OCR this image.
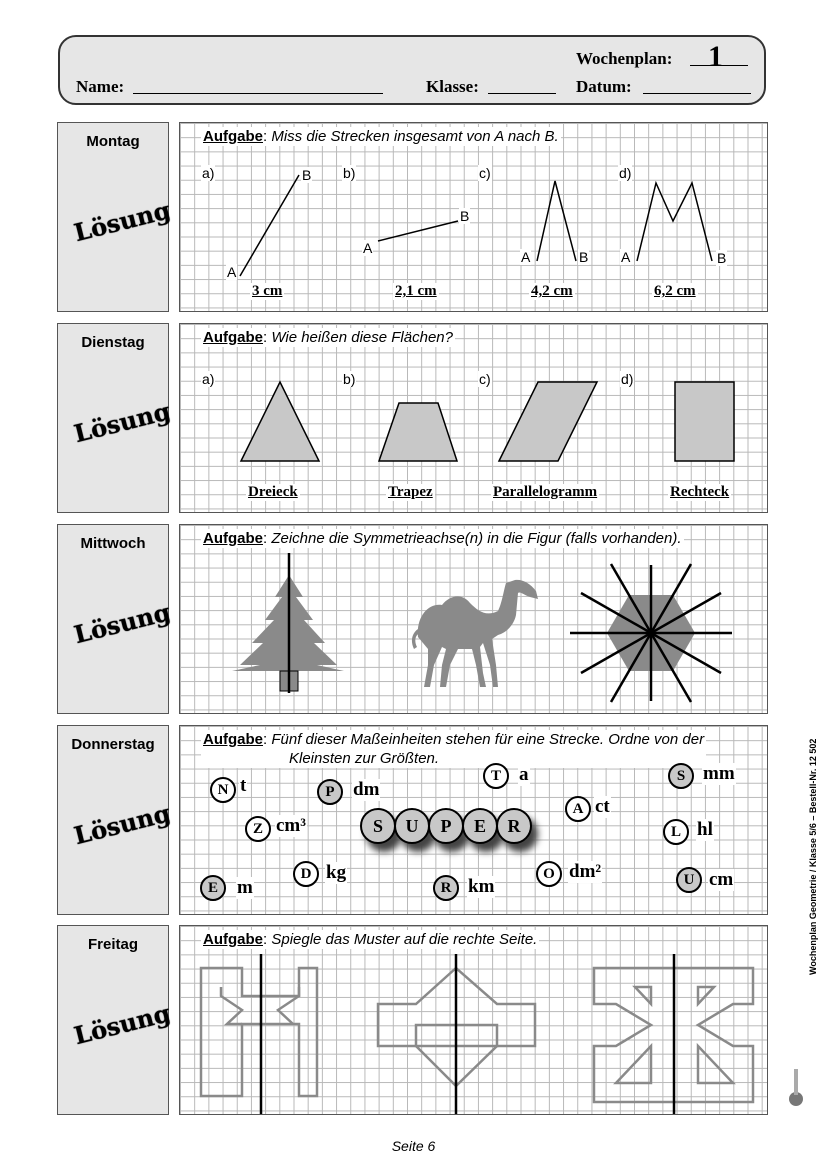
Wochenplan:
Name:	Klasse:	Datum:
1
Montag
Lösung
Dienstag
Lösung
Mittwoch
Lösung
Donnerstag
Lösung
Freitag
Lösung
Aufgabe: Miss die Strecken insgesamt von A nach B.
a)	b)	c)	d)
A
B
A
B
A	B A	B
3 cm	2,1 cm	4,2 cm	6,2 cm
Aufgabe: Wie heißen diese Flächen?
a)	b)	c)	d)
Dreieck	Trapez	Parallelogramm	Rechteck
Aufgabe: Zeichne die Symmetrieachse(n) in die Figur (falls vorhanden).
Aufgabe: Fünf dieser Maßeinheiten stehen für eine Strecke. Ordne von der
Kleinsten zur Größten.
N t	P dm
T a	S mm
A ct
Z cm³	L hl
D kg	O dm²	U cm
E	m	R km
S	U	P	E	R
Aufgabe: Spiegle das Muster auf die rechte Seite.	Wochenplan Geometrie / Klasse 5/6 – Bestell-Nr. 12 502
Seite 6
